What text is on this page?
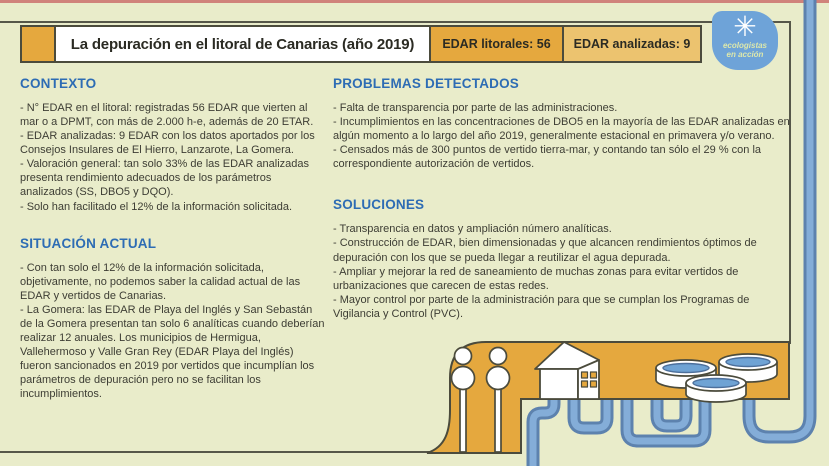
La depuración en el litoral de Canarias (año 2019)	EDAR litorales: 56	EDAR analizadas: 9
✳
ecologistas
en acción
CONTEXTO

- N° EDAR en el litoral: registradas 56 EDAR que vierten al mar o a DPMT, con más de 2.000 h-e, además de 20 ETAR.

- EDAR analizadas: 9 EDAR con los datos aportados por los Consejos Insulares de El Hierro, Lanzarote, La Gomera.

- Valoración general: tan solo 33% de las EDAR analizadas presenta rendimiento adecuados de los parámetros analizados (SS, DBO5 y DQO).

- Solo han facilitado el 12% de la información solicitada.

SITUACIÓN ACTUAL

- Con tan solo el 12% de la información solicitada, objetivamente, no podemos saber la calidad actual de las EDAR y vertidos de Canarias.

- La Gomera: las EDAR de Playa del Inglés y San Sebastán de la Gomera presentan tan solo 6 analíticas cuando deberían realizar 12 anuales. Los municipios de Hermigua, Vallehermoso y Valle Gran Rey (EDAR Playa del Inglés) fueron sancionados en 2019 por vertidos que incumplían los parámetros de depuración pero no se facilitan los incumplimientos.

PROBLEMAS DETECTADOS

- Falta de transparencia por parte de las administraciones.

- Incumplimientos en las concentraciones de DBO5 en la mayoría de las EDAR analizadas en algún momento a lo largo del año 2019, generalmente estacional en primavera y/o verano.

- Censados más de 300 puntos de vertido tierra-mar, y contando tan sólo el 29 % con la correspondiente autorización de vertidos.

SOLUCIONES

- Transparencia en datos y ampliación número analíticas.

- Construcción de EDAR, bien dimensionadas y que alcancen rendimientos óptimos de depuración con los que se pueda llegar a reutilizar el agua depurada.

- Ampliar y mejorar la red de saneamiento de muchas zonas para evitar vertidos de urbanizaciones que carecen de estas redes.

- Mayor control por parte de la administración para que se cumplan los Programas de Vigilancia y Control (PVC).
